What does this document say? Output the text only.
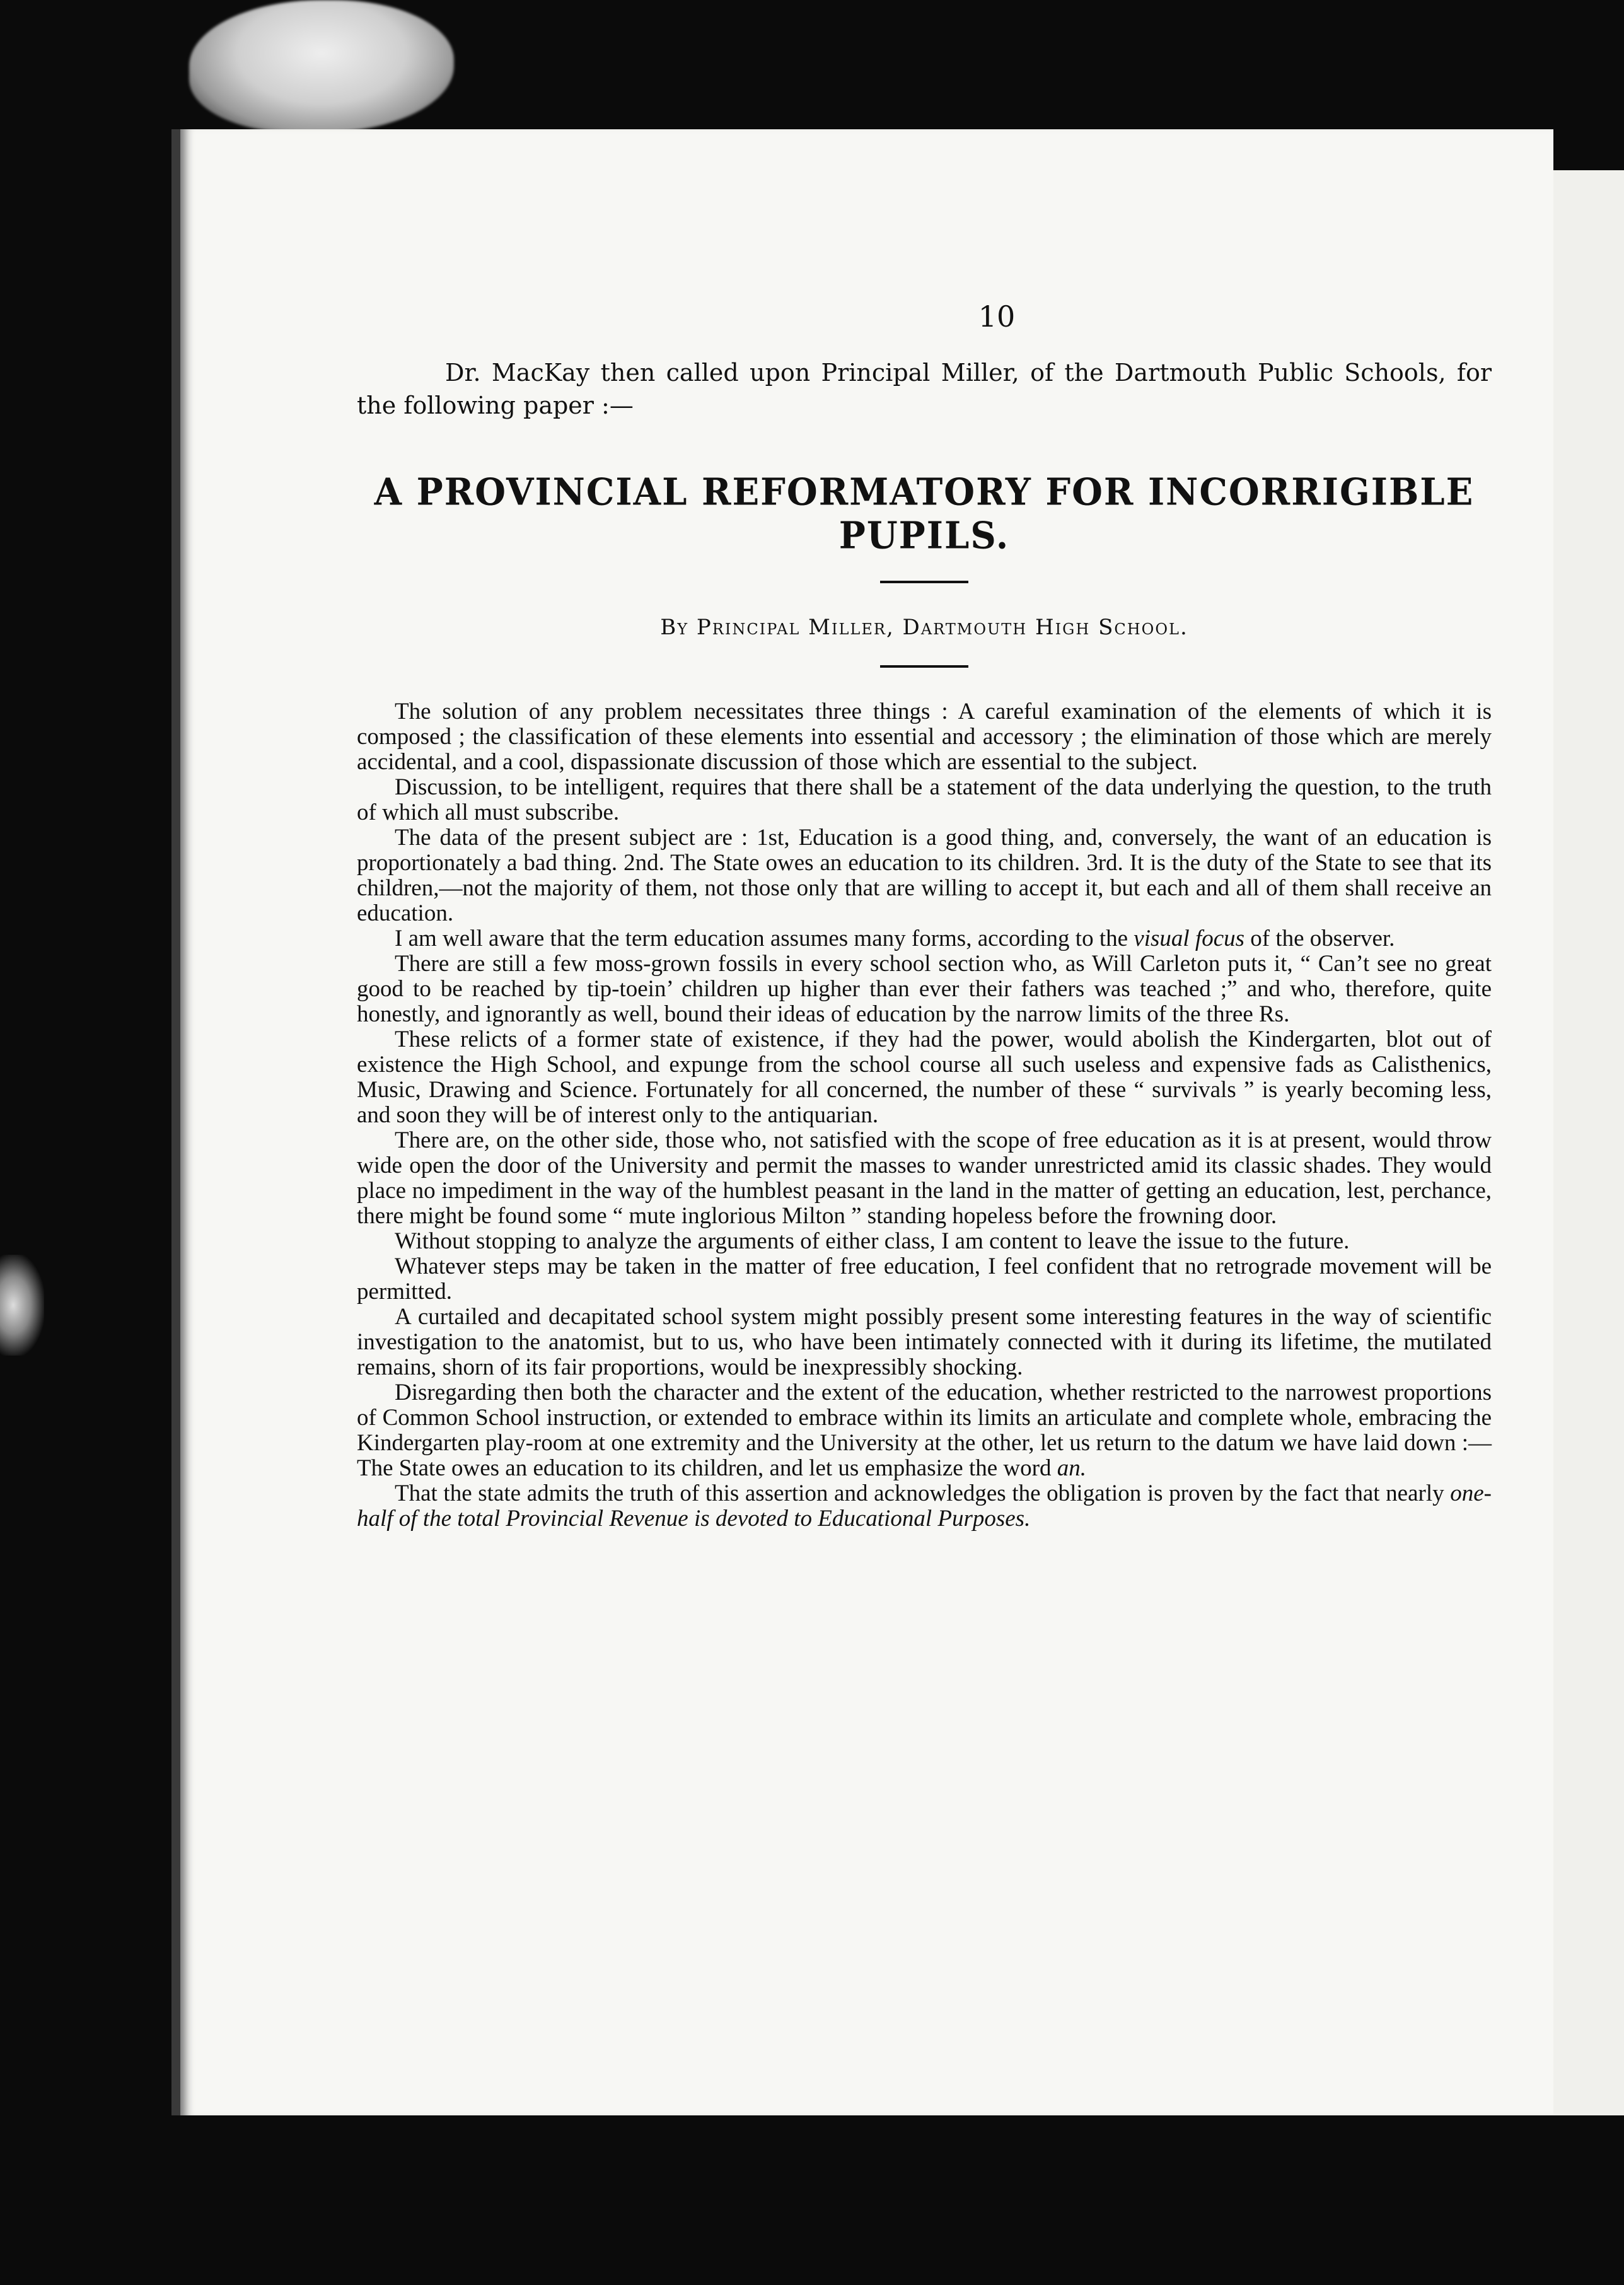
10

Dr. MacKay then called upon Principal Miller, of the Dartmouth Public Schools, for the following paper :—

A PROVINCIAL REFORMATORY FOR INCORRIGIBLE PUPILS.
By Principal Miller, Dartmouth High School.

The solution of any problem necessitates three things : A careful examination of the elements of which it is composed ; the classification of these elements into essential and accessory ; the elimination of those which are merely accidental, and a cool, dispassionate discussion of those which are essential to the subject.

Discussion, to be intelligent, requires that there shall be a statement of the data underlying the question, to the truth of which all must subscribe.

The data of the present subject are : 1st, Education is a good thing, and, conversely, the want of an education is proportionately a bad thing. 2nd. The State owes an education to its children. 3rd. It is the duty of the State to see that its children,—not the majority of them, not those only that are willing to accept it, but each and all of them shall receive an education.

I am well aware that the term education assumes many forms, according to the visual focus of the observer.

There are still a few moss-grown fossils in every school section who, as Will Carleton puts it, “ Can’t see no great good to be reached by tip-toein’ children up higher than ever their fathers was teached ;” and who, therefore, quite honestly, and ignorantly as well, bound their ideas of education by the narrow limits of the three Rs.

These relicts of a former state of existence, if they had the power, would abolish the Kindergarten, blot out of existence the High School, and expunge from the school course all such useless and expensive fads as Calisthenics, Music, Drawing and Science. Fortunately for all concerned, the number of these “ survivals ” is yearly becoming less, and soon they will be of interest only to the antiquarian.

There are, on the other side, those who, not satisfied with the scope of free education as it is at present, would throw wide open the door of the University and permit the masses to wander unrestricted amid its classic shades. They would place no impediment in the way of the humblest peasant in the land in the matter of getting an education, lest, perchance, there might be found some “ mute inglorious Milton ” standing hopeless before the frowning door.

Without stopping to analyze the arguments of either class, I am content to leave the issue to the future.

Whatever steps may be taken in the matter of free education, I feel confident that no retrograde movement will be permitted.

A curtailed and decapitated school system might possibly present some interesting features in the way of scientific investigation to the anatomist, but to us, who have been intimately connected with it during its lifetime, the mutilated remains, shorn of its fair proportions, would be inexpressibly shocking.

Disregarding then both the character and the extent of the education, whether restricted to the narrowest proportions of Common School instruction, or extended to embrace within its limits an articulate and complete whole, embracing the Kindergarten play-room at one extremity and the University at the other, let us return to the datum we have laid down :—The State owes an education to its children, and let us emphasize the word an.

That the state admits the truth of this assertion and acknowledges the obligation is proven by the fact that nearly one-half of the total Provincial Revenue is devoted to Educational Purposes.
